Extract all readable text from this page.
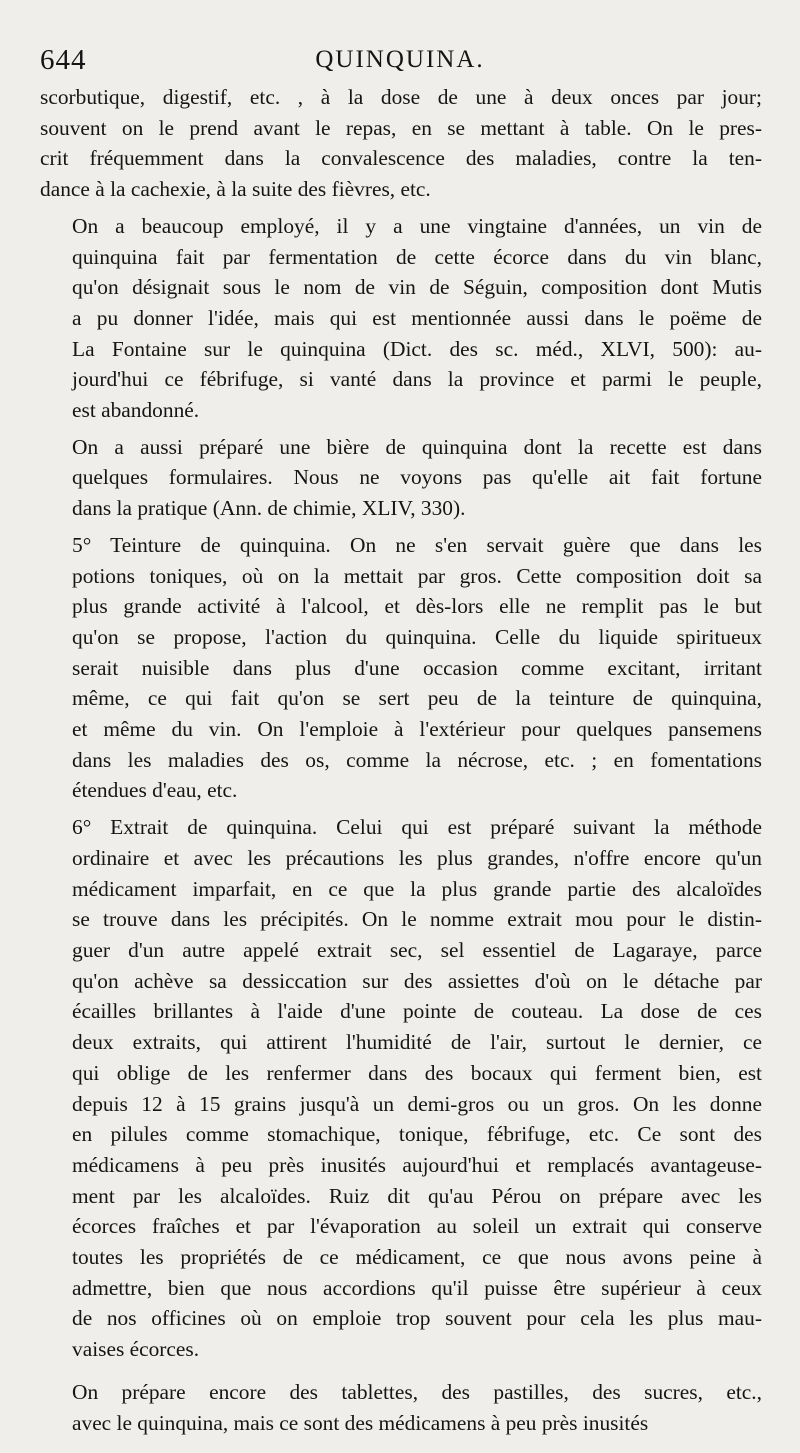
644	QUINQUINA.

scorbutique, digestif, etc. , à la dose de une à deux onces par jour;
souvent on le prend avant le repas, en se mettant à table. On le pres-
crit fréquemment dans la convalescence des maladies, contre la ten-
dance à la cachexie, à la suite des fièvres, etc.

On a beaucoup employé, il y a une vingtaine d'années, un vin de
quinquina fait par fermentation de cette écorce dans du vin blanc,
qu'on désignait sous le nom de vin de Séguin, composition dont Mutis
a pu donner l'idée, mais qui est mentionnée aussi dans le poëme de
La Fontaine sur le quinquina (Dict. des sc. méd., XLVI, 500): au-
jourd'hui ce fébrifuge, si vanté dans la province et parmi le peuple,
est abandonné.

On a aussi préparé une bière de quinquina dont la recette est dans
quelques formulaires. Nous ne voyons pas qu'elle ait fait fortune
dans la pratique (Ann. de chimie, XLIV, 330).

5° Teinture de quinquina. On ne s'en servait guère que dans les
potions toniques, où on la mettait par gros. Cette composition doit sa
plus grande activité à l'alcool, et dès-lors elle ne remplit pas le but
qu'on se propose, l'action du quinquina. Celle du liquide spiritueux
serait nuisible dans plus d'une occasion comme excitant, irritant
même, ce qui fait qu'on se sert peu de la teinture de quinquina,
et même du vin. On l'emploie à l'extérieur pour quelques pansemens
dans les maladies des os, comme la nécrose, etc. ; en fomentations
étendues d'eau, etc.

6° Extrait de quinquina. Celui qui est préparé suivant la méthode
ordinaire et avec les précautions les plus grandes, n'offre encore qu'un
médicament imparfait, en ce que la plus grande partie des alcaloïdes
se trouve dans les précipités. On le nomme extrait mou pour le distin-
guer d'un autre appelé extrait sec, sel essentiel de Lagaraye, parce
qu'on achève sa dessiccation sur des assiettes d'où on le détache par
écailles brillantes à l'aide d'une pointe de couteau. La dose de ces
deux extraits, qui attirent l'humidité de l'air, surtout le dernier, ce
qui oblige de les renfermer dans des bocaux qui ferment bien, est
depuis 12 à 15 grains jusqu'à un demi-gros ou un gros. On les donne
en pilules comme stomachique, tonique, fébrifuge, etc. Ce sont des
médicamens à peu près inusités aujourd'hui et remplacés avantageuse-
ment par les alcaloïdes. Ruiz dit qu'au Pérou on prépare avec les
écorces fraîches et par l'évaporation au soleil un extrait qui conserve
toutes les propriétés de ce médicament, ce que nous avons peine à
admettre, bien que nous accordions qu'il puisse être supérieur à ceux
de nos officines où on emploie trop souvent pour cela les plus mau-
vaises écorces.

On prépare encore des tablettes, des pastilles, des sucres, etc.,
avec le quinquina, mais ce sont des médicamens à peu près inusités
